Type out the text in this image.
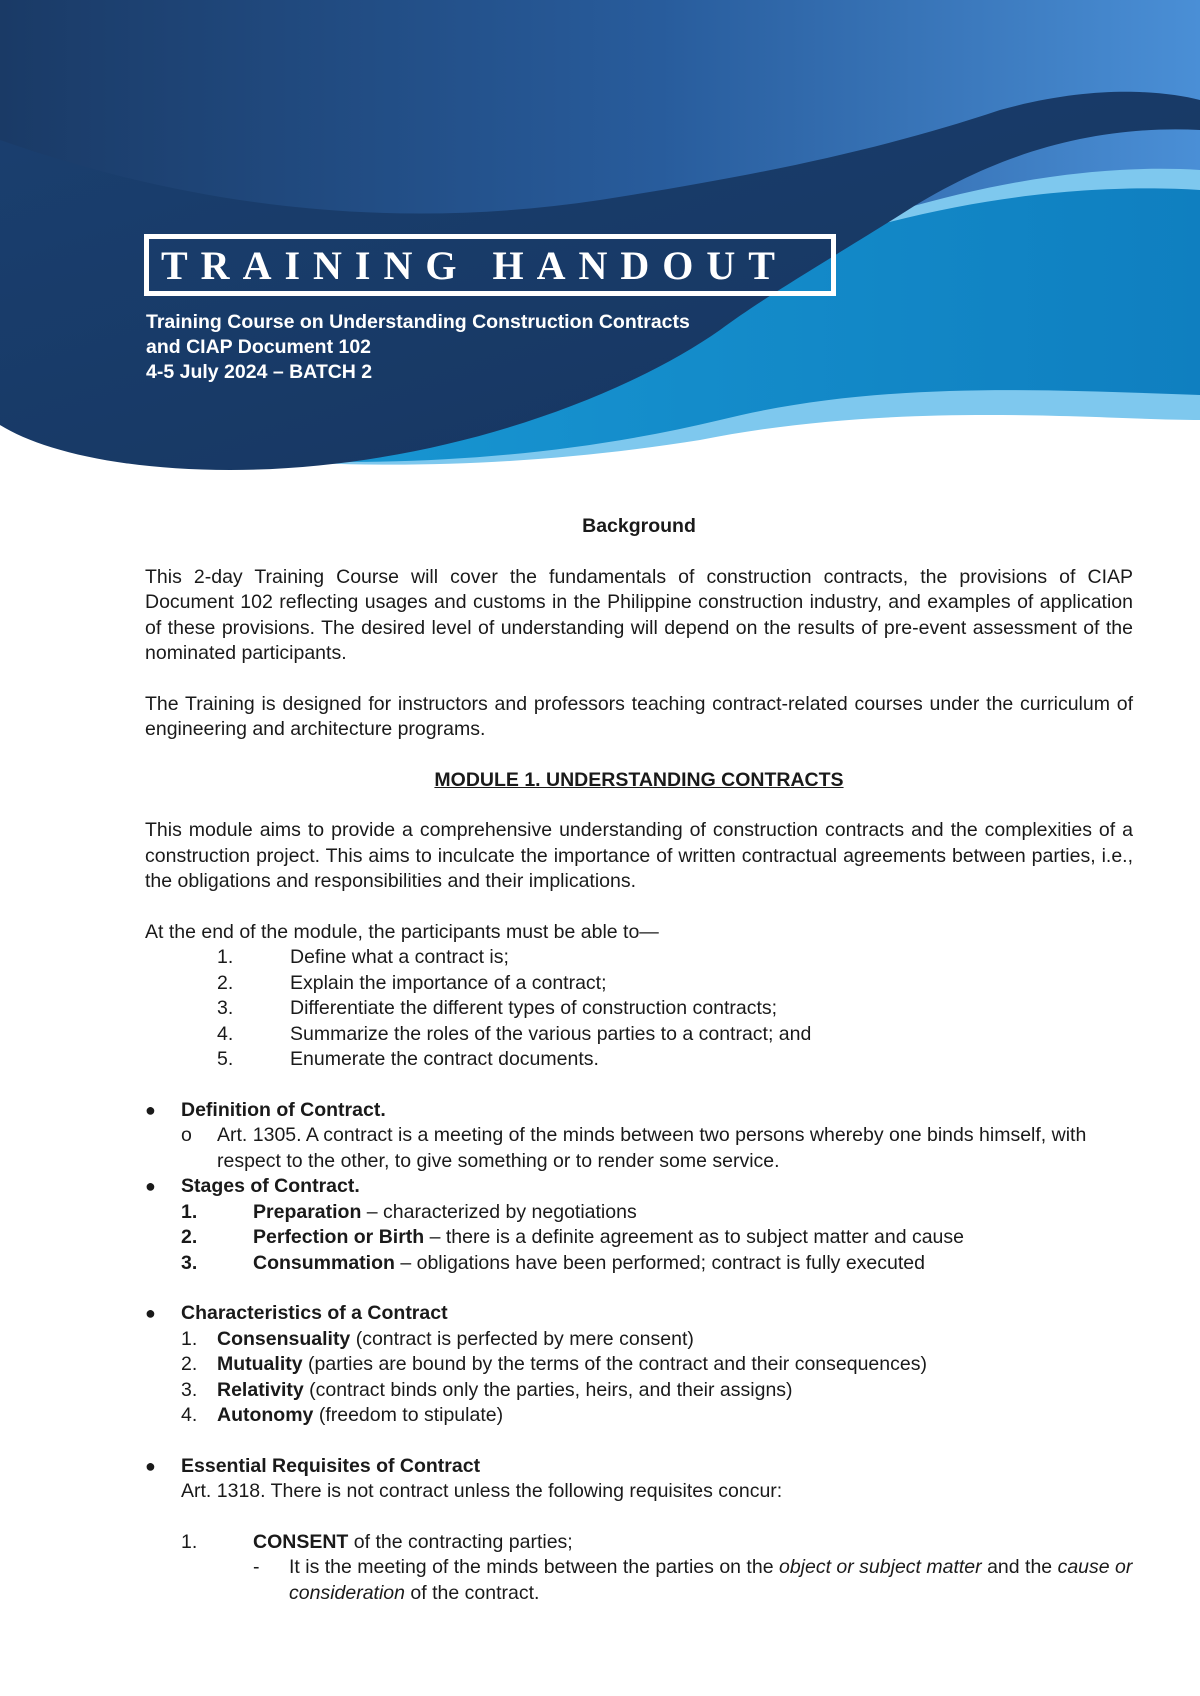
TRAINING HANDOUT
Training Course on Understanding Construction Contracts
and CIAP Document 102
4-5 July 2024 – BATCH 2
Background

This 2-day Training Course will cover the fundamentals of construction contracts, the provisions of CIAP Document 102 reflecting usages and customs in the Philippine construction industry, and examples of application of these provisions. The desired level of understanding will depend on the results of pre-event assessment of the nominated participants.

The Training is designed for instructors and professors teaching contract-related courses under the curriculum of engineering and architecture programs.

MODULE 1. UNDERSTANDING CONTRACTS

This module aims to provide a comprehensive understanding of construction contracts and the complexities of a construction project. This aims to inculcate the importance of written contractual agreements between parties, i.e., the obligations and responsibilities and their implications.

At the end of the module, the participants must be able to—
1.	Define what a contract is;
2.	Explain the importance of a contract;
3.	Differentiate the different types of construction contracts;
4.	Summarize the roles of the various parties to a contract; and
5.	Enumerate the contract documents.
●	Definition of Contract.
o	Art. 1305. A contract is a meeting of the minds between two persons whereby one binds himself, with respect to the other, to give something or to render some service.
●	Stages of Contract.
1.	Preparation – characterized by negotiations
2.	Perfection or Birth – there is a definite agreement as to subject matter and cause
3.	Consummation – obligations have been performed; contract is fully executed
●	Characteristics of a Contract
1.	Consensuality (contract is perfected by mere consent)
2.	Mutuality (parties are bound by the terms of the contract and their consequences)
3.	Relativity (contract binds only the parties, heirs, and their assigns)
4.	Autonomy (freedom to stipulate)
●	Essential Requisites of Contract
Art. 1318. There is not contract unless the following requisites concur:
1.	CONSENT of the contracting parties;
-	It is the meeting of the minds between the parties on the object or subject matter and the cause or consideration of the contract.
